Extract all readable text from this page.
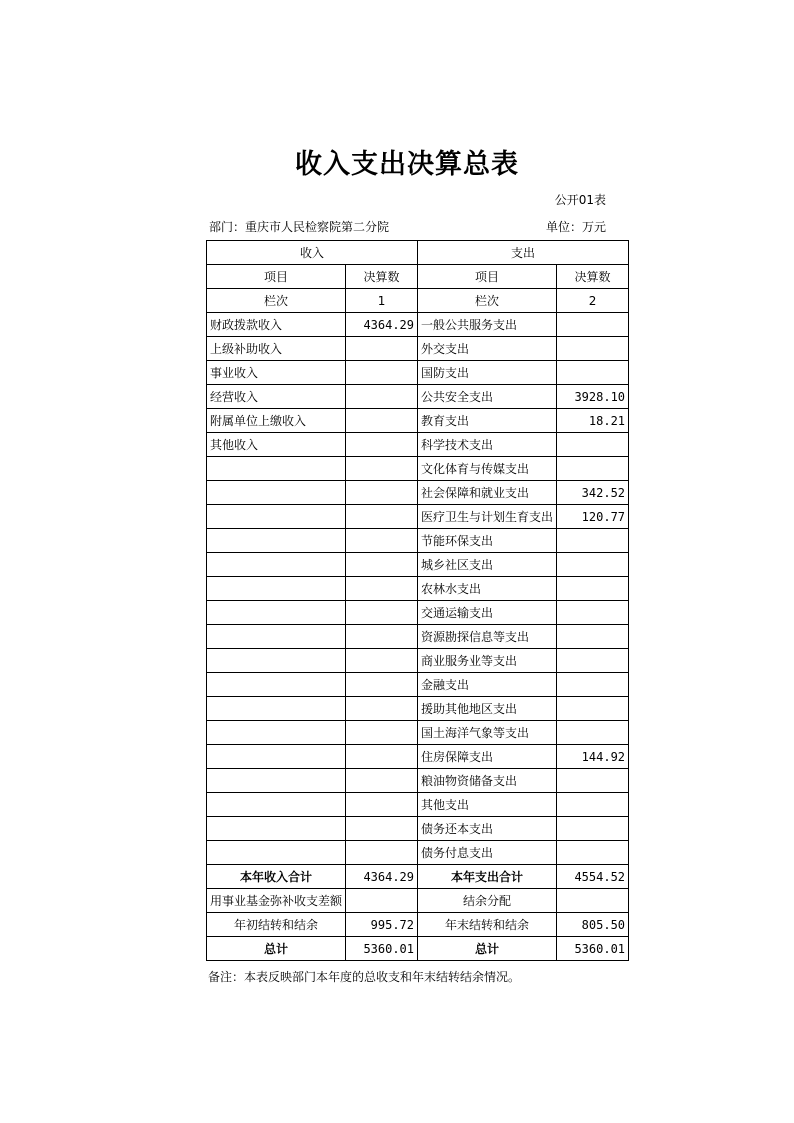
收入支出决算总表
公开01表
部门：重庆市人民检察院第二分院	单位：万元
收入		支出	
项目	决算数	项目	决算数
栏次	1	栏次	2
财政拨款收入	4364.29	一般公共服务支出	
上级补助收入		外交支出	
事业收入		国防支出	
经营收入		公共安全支出	3928.10
附属单位上缴收入		教育支出	18.21
其他收入		科学技术支出	
		文化体育与传媒支出	
		社会保障和就业支出	342.52
		医疗卫生与计划生育支出	120.77
		节能环保支出	
		城乡社区支出	
		农林水支出	
		交通运输支出	
		资源勘探信息等支出	
		商业服务业等支出	
		金融支出	
		援助其他地区支出	
		国土海洋气象等支出	
		住房保障支出	144.92
		粮油物资储备支出	
		其他支出	
		债务还本支出	
		债务付息支出	
本年收入合计	4364.29	本年支出合计	4554.52
用事业基金弥补收支差额		结余分配	
年初结转和结余	995.72	年末结转和结余	805.50
总计	5360.01	总计	5360.01
备注：本表反映部门本年度的总收支和年末结转结余情况。
